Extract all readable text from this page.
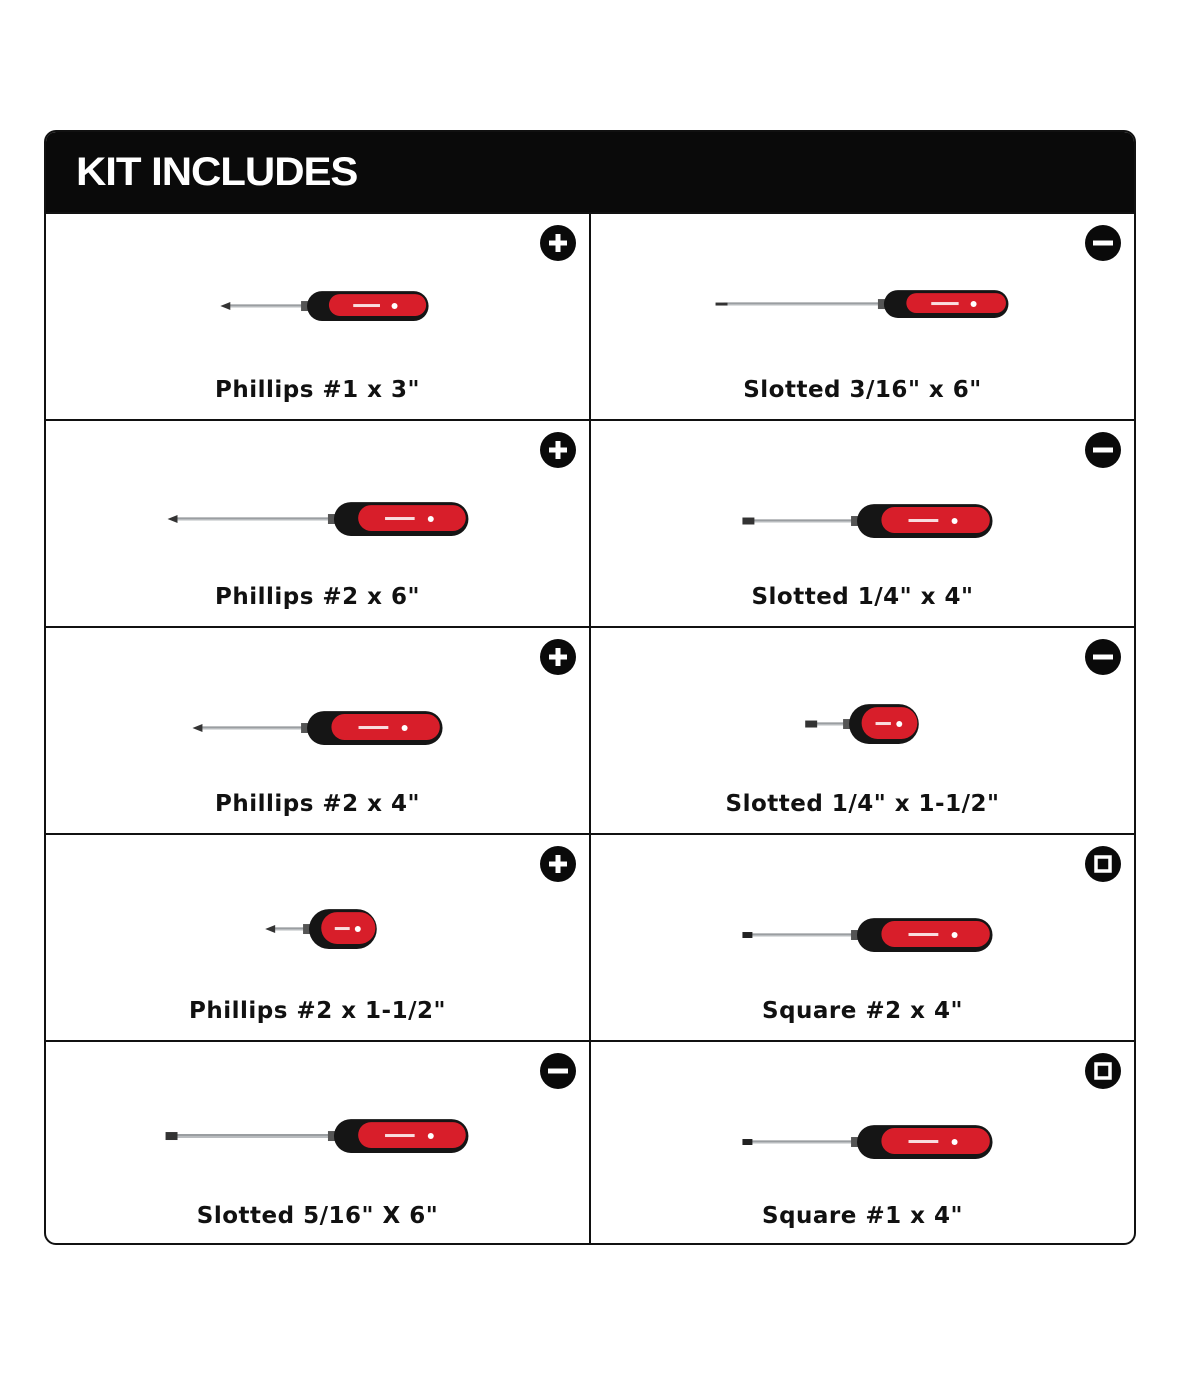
KIT INCLUDES
Phillips #1 x 3"	Slotted 3/16" x 6"
Phillips #2 x 6"	Slotted 1/4" x 4"
Phillips #2 x 4"	Slotted 1/4" x 1-1/2"
Phillips #2 x 1-1/2"	Square #2 x 4"
Slotted 5/16" X 6"	Square #1 x 4"
